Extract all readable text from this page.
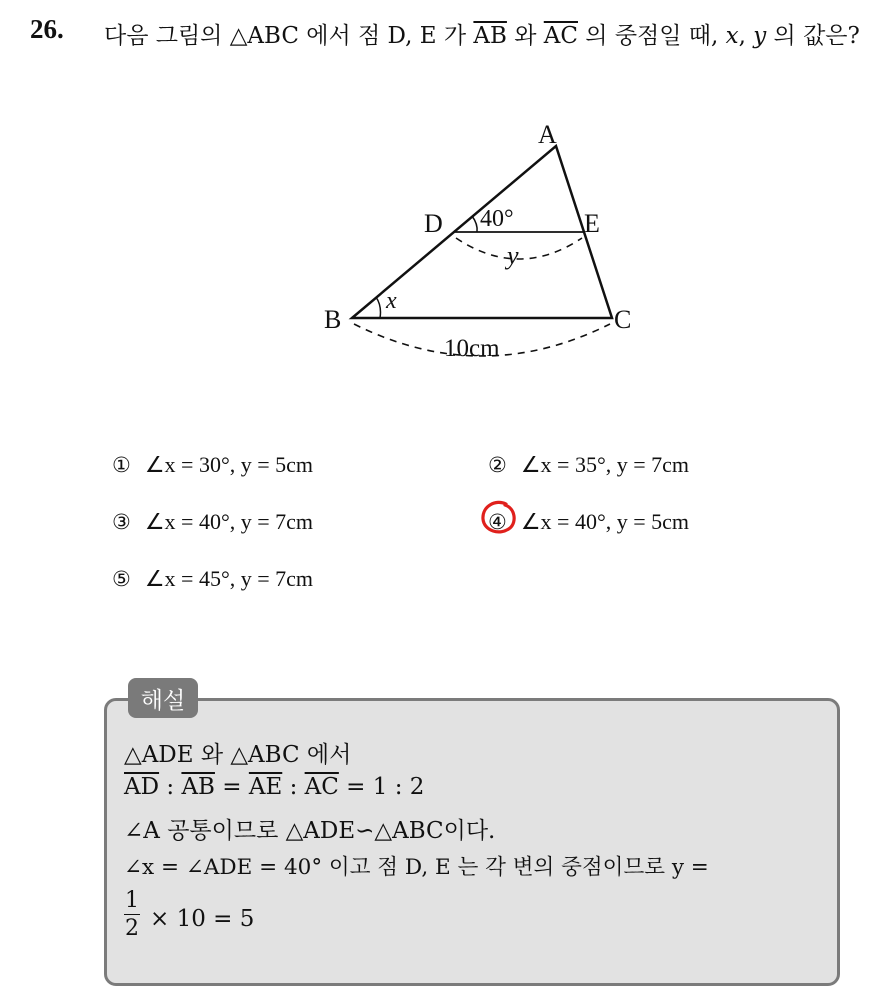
26. 다음 그림의 △ABC 에서 점 D, E 가 $\overline{AB}$ 와 $\overline{AC}$ 의 중점일 때, x, y 의 값은?
A
B	C
D	E
40°
x
y
10cm
① ∠x = 30°, y = 5cm	② ∠x = 35°, y = 7cm
③ ∠x = 40°, y = 7cm	④ ∠x = 40°, y = 5cm
⑤ ∠x = 45°, y = 7cm
해설
△ADE 와 △ABC 에서
$\overline{AD}$ : $\overline{AB} = \overline{AE}$ : $\overline{AC} = 1$ : 2
∠A 공통이므로 △ADE∽△ABC이다.
∠x = ∠ADE = 40° 이고 점 D, E 는 각 변의 중점이므로 y =
1
2 × 10 = 5
